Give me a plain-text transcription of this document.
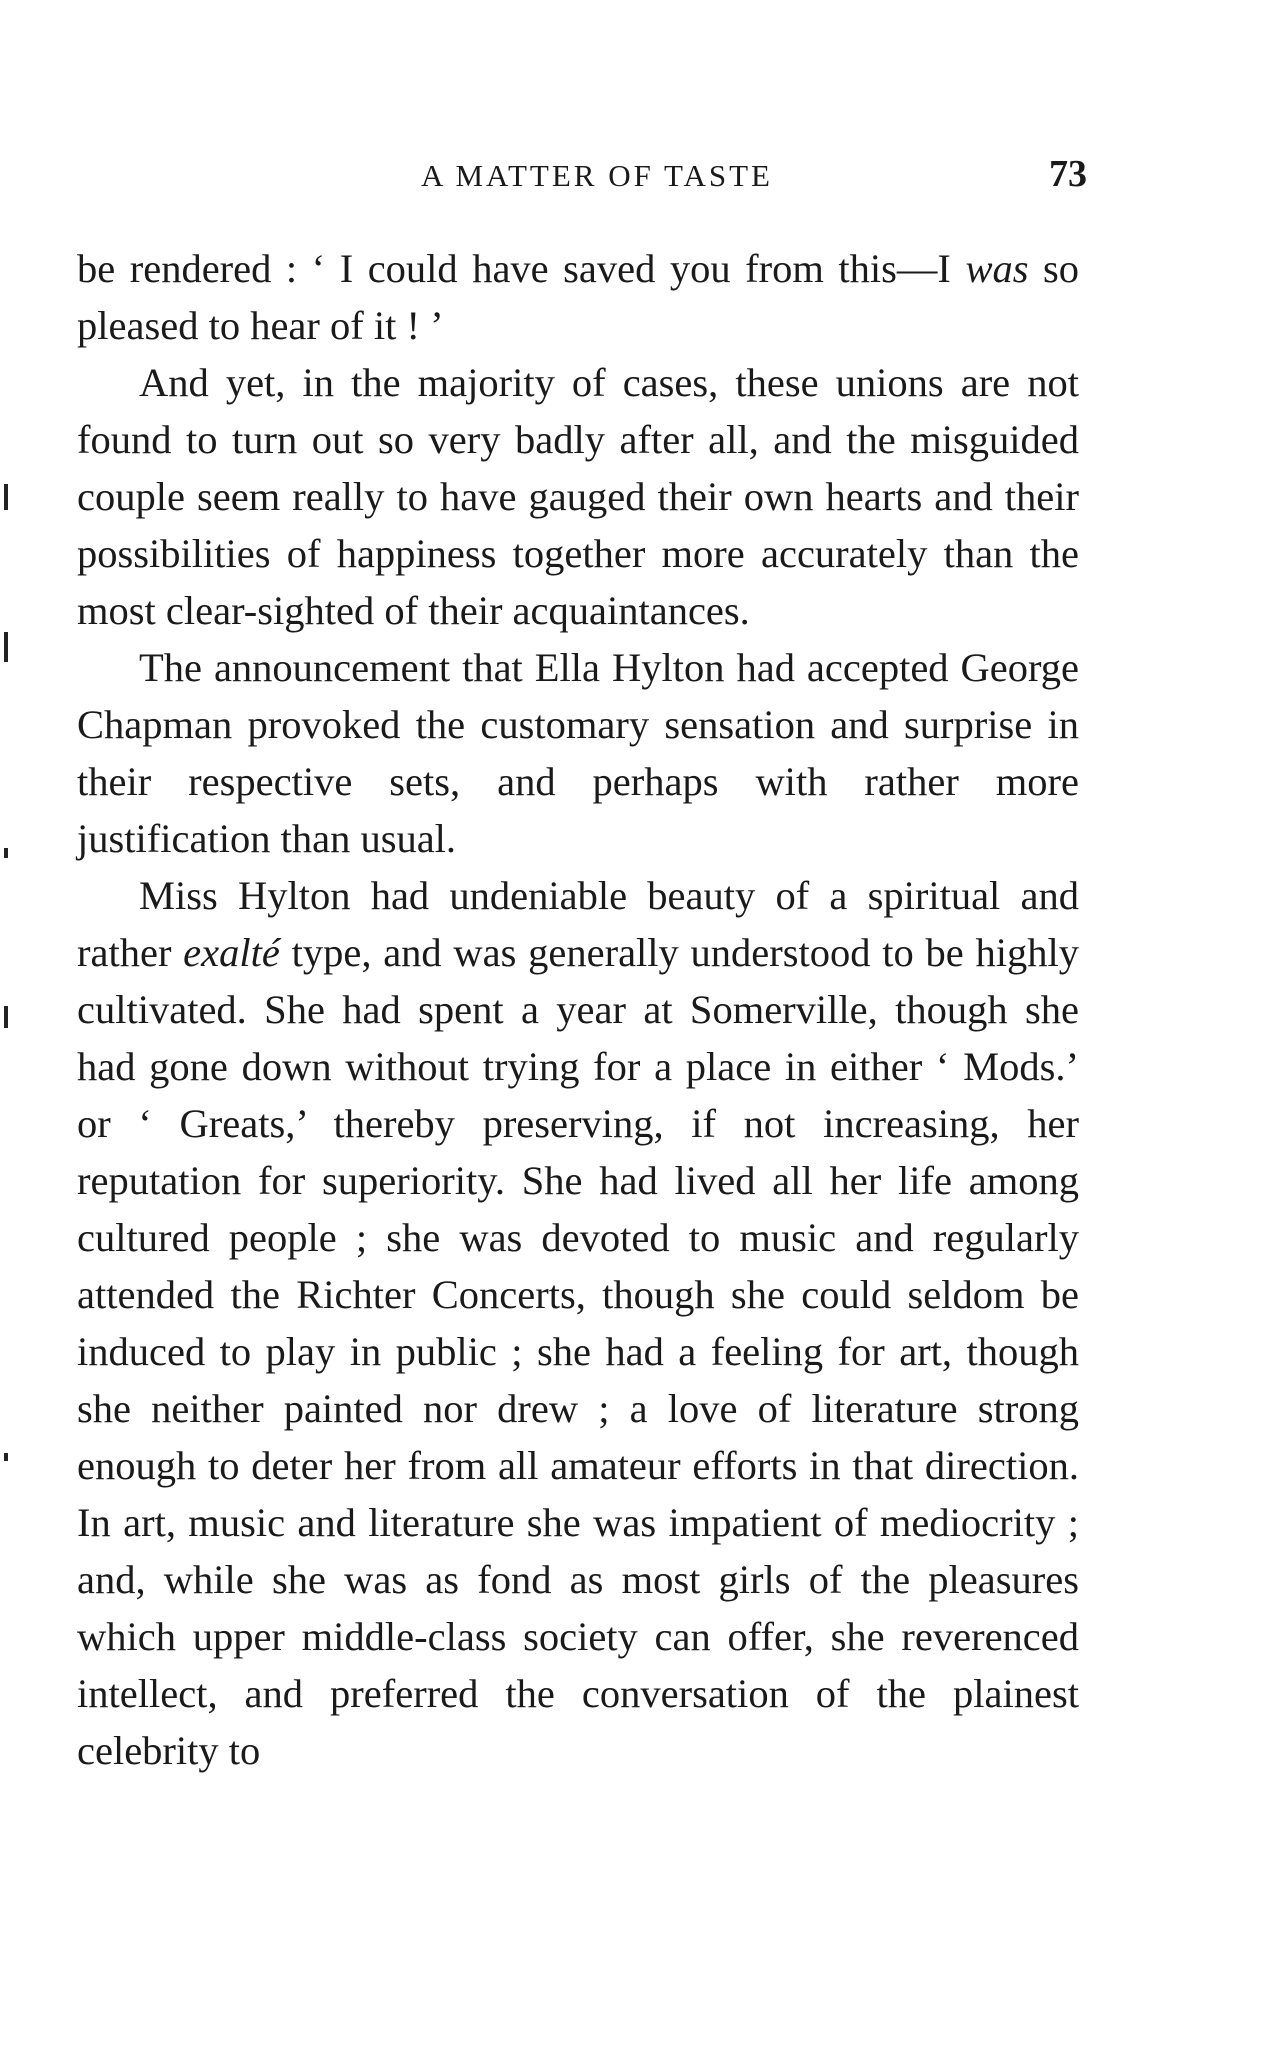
A MATTER OF TASTE	73

be rendered : ‘ I could have saved you from this—I was so pleased to hear of it ! ’

And yet, in the majority of cases, these unions are not found to turn out so very badly after all, and the misguided couple seem really to have gauged their own hearts and their possibilities of happiness together more accurately than the most clear-sighted of their acquaintances.

The announcement that Ella Hylton had accepted George Chapman provoked the customary sensation and surprise in their respective sets, and perhaps with rather more justification than usual.

Miss Hylton had undeniable beauty of a spiritual and rather exalté type, and was generally understood to be highly cultivated. She had spent a year at Somerville, though she had gone down without trying for a place in either ‘ Mods.’ or ‘ Greats,’ thereby preserving, if not increasing, her reputation for superiority. She had lived all her life among cultured people ; she was devoted to music and regularly attended the Richter Concerts, though she could seldom be induced to play in public ; she had a feeling for art, though she neither painted nor drew ; a love of literature strong enough to deter her from all amateur efforts in that direction. In art, music and literature she was impatient of mediocrity ; and, while she was as fond as most girls of the pleasures which upper middle-class society can offer, she reverenced intellect, and preferred the conversation of the plainest celebrity to
